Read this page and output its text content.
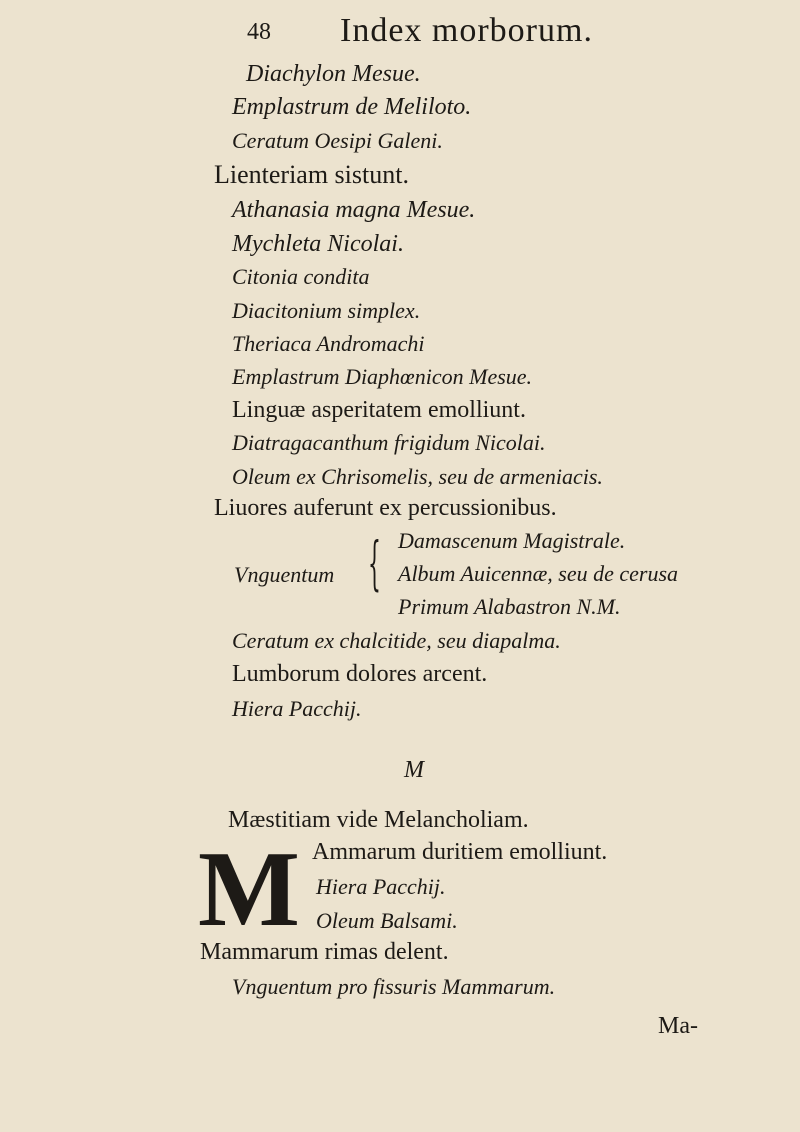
48 Index morborum.
Diachylon Mesue.
Emplastrum de Meliloto.
Ceratum Oesipi Galeni.
Lienteriam sistunt.
Athanasia magna Mesue.
Mychleta Nicolai.
Citonia condita
Diacitonium simplex.
Theriaca Andromachi
Emplastrum Diaphœnicon Mesue.
Linguæ asperitatem emolliunt.
Diatragacanthum frigidum Nicolai.
Oleum ex Chrisomelis, seu de armeniacis.
Liuores auferunt ex percussionibus.
Vnguentum { Damascenum Magistrale.
Album Auicennæ, seu de cerusa
Primum Alabastron N.M.
Ceratum ex chalcitide, seu diapalma.
Lumborum dolores arcent.
Hiera Pacchij.
M
Mæstitiam vide Melancholiam.
M Ammarum duritiem emolliunt.
Hiera Pacchij.
Oleum Balsami.
Mammarum rimas delent.
Vnguentum pro fissuris Mammarum.
Ma-
